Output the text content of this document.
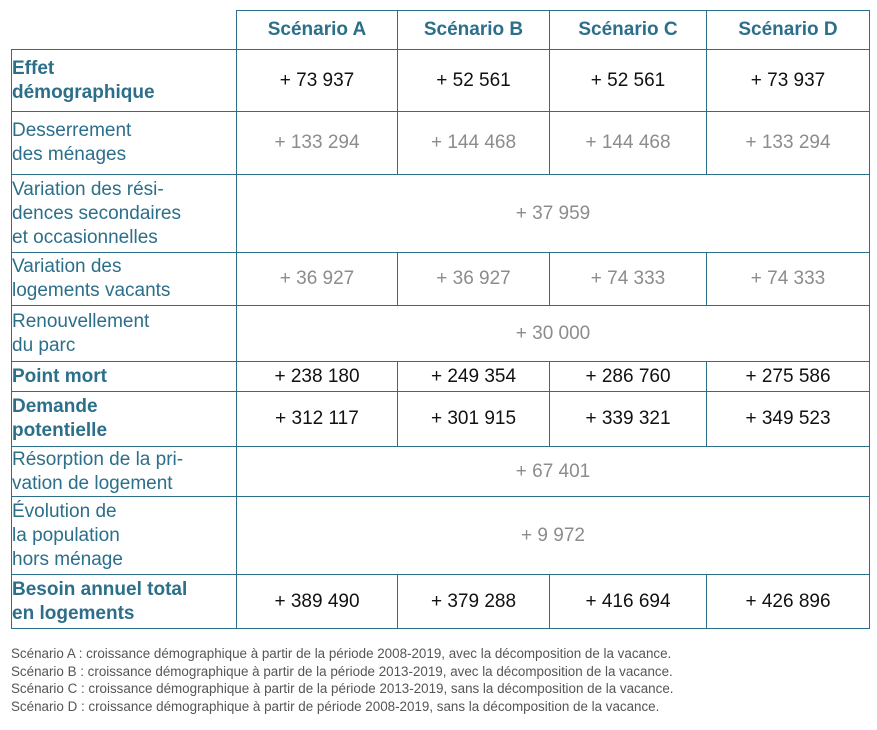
	Scénario A	Scénario B	Scénario C	Scénario D

Effet
démographique	+ 73 937	+ 52 561	+ 52 561	+ 73 937

Desserrement
des ménages	+ 133 294	+ 144 468	+ 144 468	+ 133 294

Variation des rési-
dences secondaires
et occasionnelles	+ 37 959			

Variation des
logements vacants	+ 36 927	+ 36 927	+ 74 333	+ 74 333

Renouvellement
du parc	+ 30 000			

Point mort	+ 238 180	+ 249 354	+ 286 760	+ 275 586

Demande
potentielle	+ 312 117	+ 301 915	+ 339 321	+ 349 523

Résorption de la pri-
vation de logement	+ 67 401			

Évolution de
la population
hors ménage	+ 9 972			

Besoin annuel total
en logements	+ 389 490	+ 379 288	+ 416 694	+ 426 896
Scénario A : croissance démographique à partir de la période 2008-2019, avec la décomposition de la vacance.
Scénario B : croissance démographique à partir de la période 2013-2019, avec la décomposition de la vacance.
Scénario C : croissance démographique à partir de la période 2013-2019, sans la décomposition de la vacance.
Scénario D : croissance démographique à partir de période 2008-2019, sans la décomposition de la vacance.
